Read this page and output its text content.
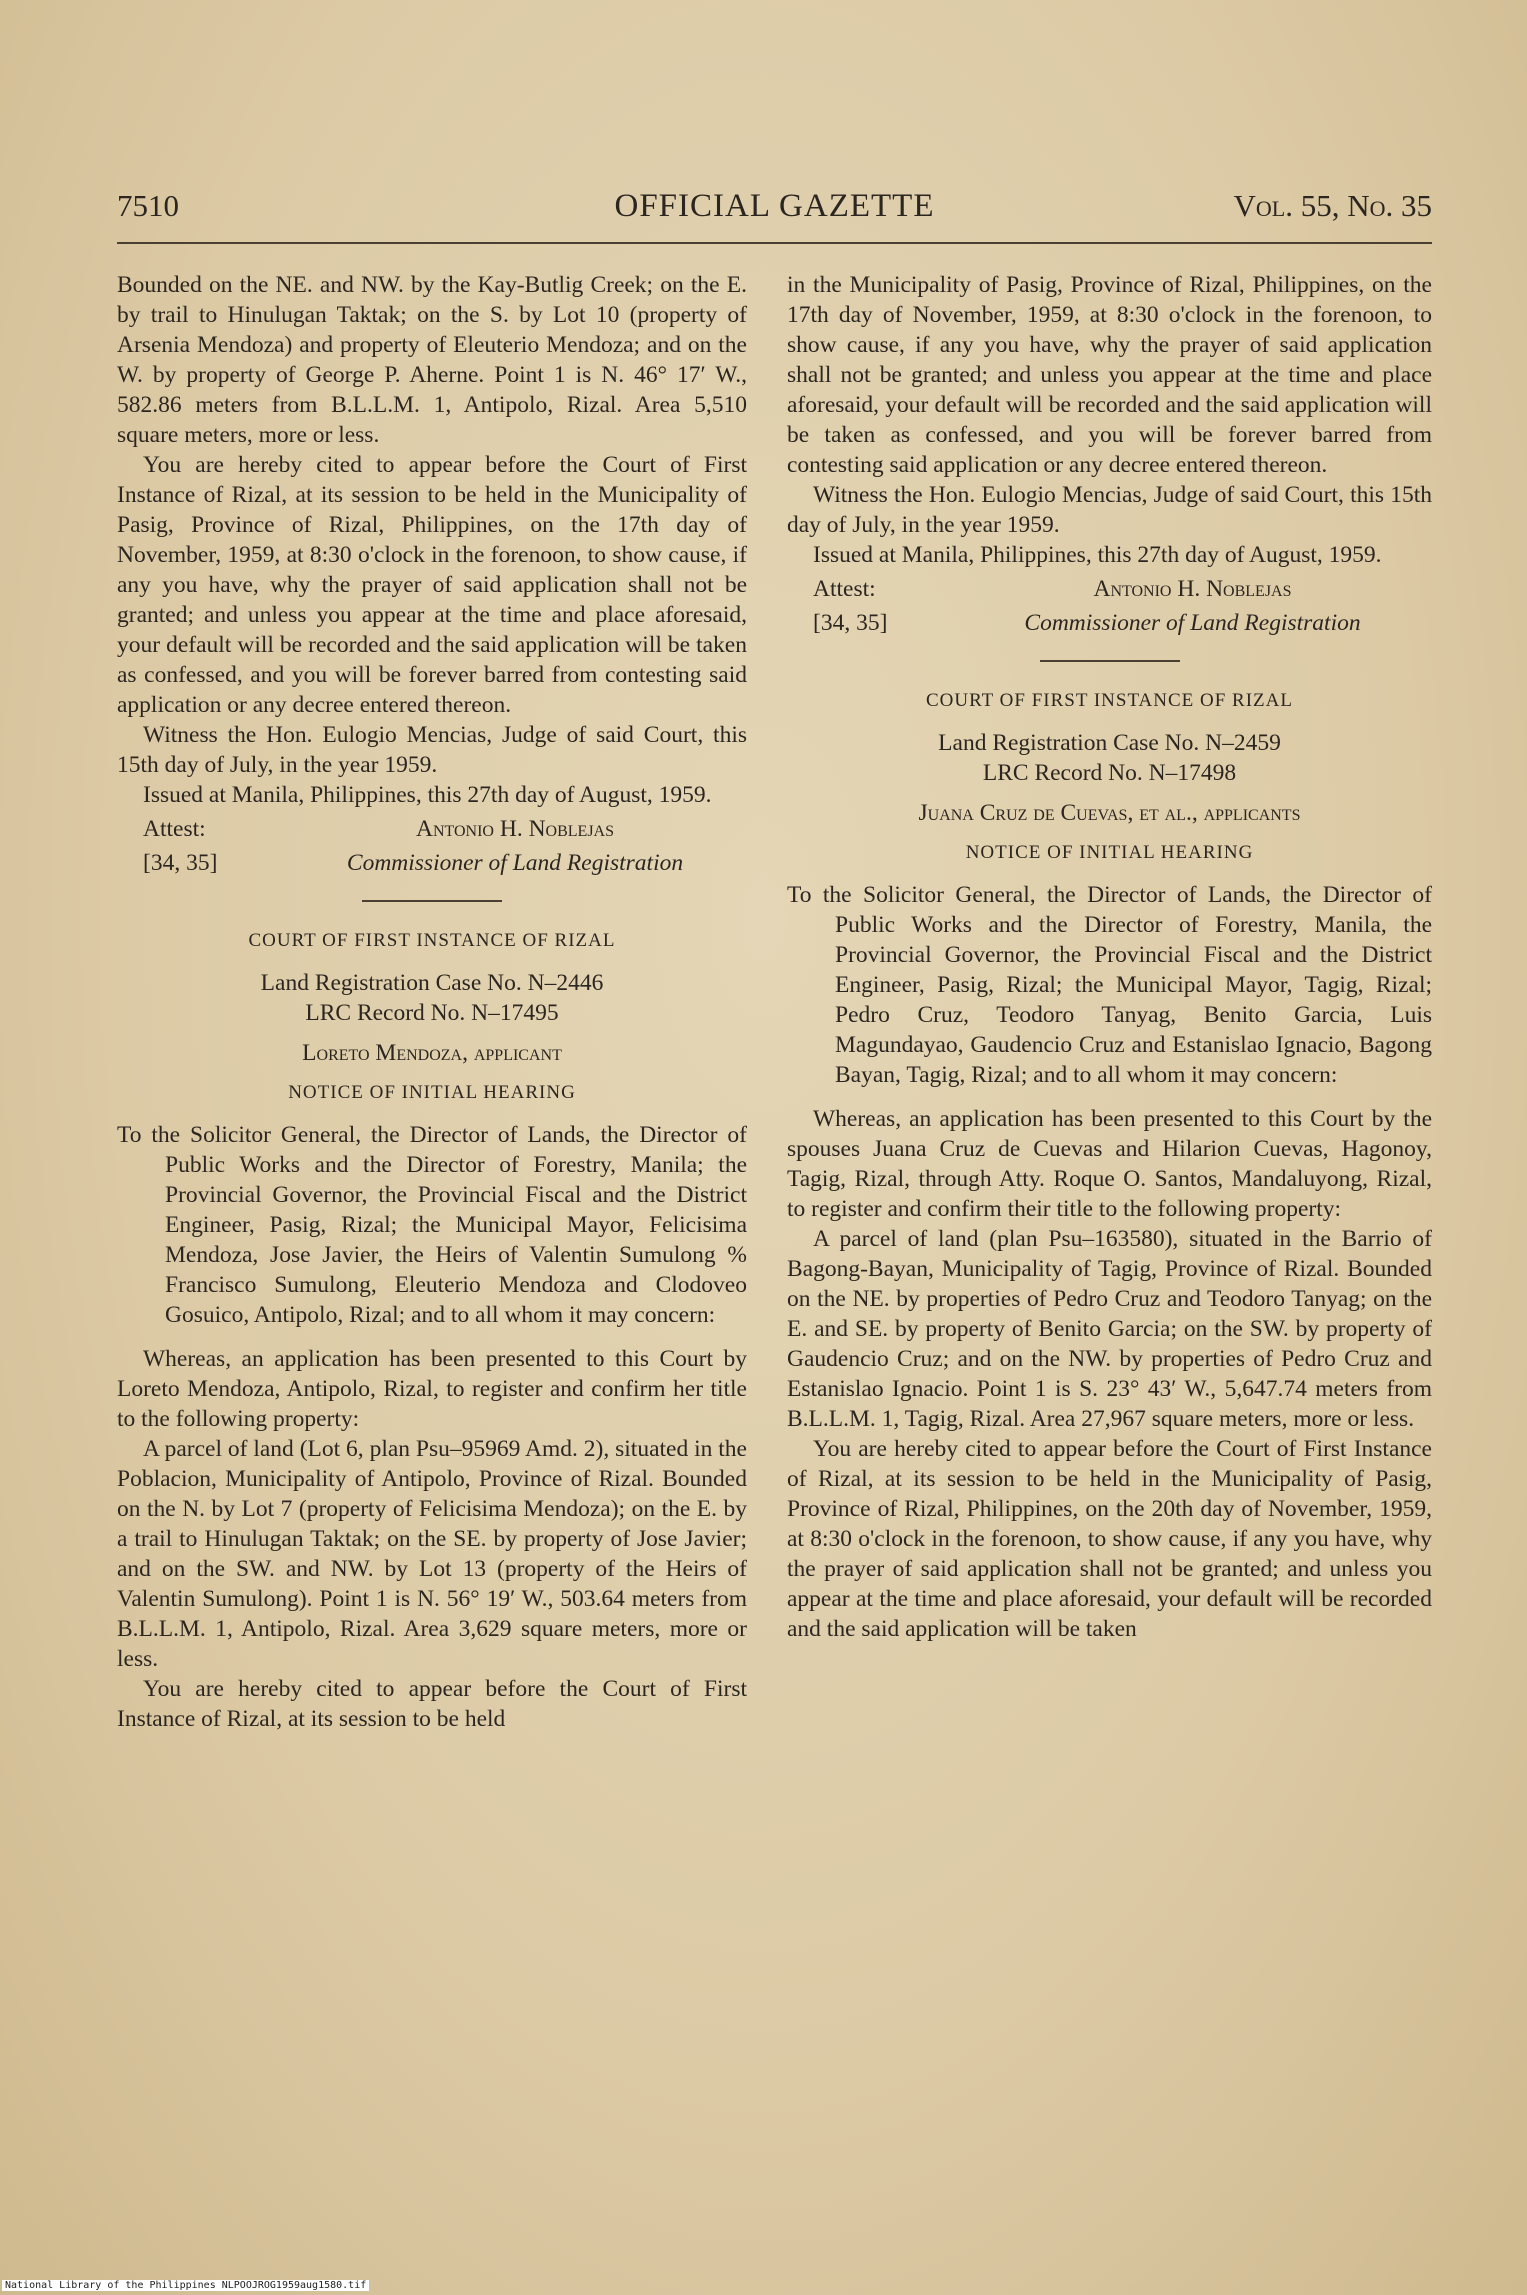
7510	OFFICIAL GAZETTE	Vol. 55, No. 35

Bounded on the NE. and NW. by the Kay-Butlig Creek; on the E. by trail to Hinulugan Taktak; on the S. by Lot 10 (property of Arsenia Mendoza) and property of Eleuterio Mendoza; and on the W. by property of George P. Aherne. Point 1 is N. 46° 17′ W., 582.86 meters from B.L.L.M. 1, Antipolo, Rizal. Area 5,510 square meters, more or less.

You are hereby cited to appear before the Court of First Instance of Rizal, at its session to be held in the Municipality of Pasig, Province of Rizal, Philippines, on the 17th day of November, 1959, at 8:30 o'clock in the forenoon, to show cause, if any you have, why the prayer of said application shall not be granted; and unless you appear at the time and place aforesaid, your default will be recorded and the said application will be taken as confessed, and you will be forever barred from contesting said application or any decree entered thereon.

Witness the Hon. Eulogio Mencias, Judge of said Court, this 15th day of July, in the year 1959.

Issued at Manila, Philippines, this 27th day of August, 1959.

Attest:	Antonio H. Noblejas
[34, 35]	Commissioner of Land Registration
COURT OF FIRST INSTANCE OF RIZAL

Land Registration Case No. N–2446

LRC Record No. N–17495

Loreto Mendoza, applicant

NOTICE OF INITIAL HEARING

To the Solicitor General, the Director of Lands, the Director of Public Works and the Director of Forestry, Manila; the Provincial Governor, the Provincial Fiscal and the District Engineer, Pasig, Rizal; the Municipal Mayor, Felicisima Mendoza, Jose Javier, the Heirs of Valentin Sumulong % Francisco Sumulong, Eleuterio Mendoza and Clodoveo Gosuico, Antipolo, Rizal; and to all whom it may concern:

Whereas, an application has been presented to this Court by Loreto Mendoza, Antipolo, Rizal, to register and confirm her title to the following property:

A parcel of land (Lot 6, plan Psu–95969 Amd. 2), situated in the Poblacion, Municipality of Antipolo, Province of Rizal. Bounded on the N. by Lot 7 (property of Felicisima Mendoza); on the E. by a trail to Hinulugan Taktak; on the SE. by property of Jose Javier; and on the SW. and NW. by Lot 13 (property of the Heirs of Valentin Sumulong). Point 1 is N. 56° 19′ W., 503.64 meters from B.L.L.M. 1, Antipolo, Rizal. Area 3,629 square meters, more or less.

You are hereby cited to appear before the Court of First Instance of Rizal, at its session to be held

in the Municipality of Pasig, Province of Rizal, Philippines, on the 17th day of November, 1959, at 8:30 o'clock in the forenoon, to show cause, if any you have, why the prayer of said application shall not be granted; and unless you appear at the time and place aforesaid, your default will be recorded and the said application will be taken as confessed, and you will be forever barred from contesting said application or any decree entered thereon.

Witness the Hon. Eulogio Mencias, Judge of said Court, this 15th day of July, in the year 1959.

Issued at Manila, Philippines, this 27th day of August, 1959.

Attest:	Antonio H. Noblejas
[34, 35]	Commissioner of Land Registration
COURT OF FIRST INSTANCE OF RIZAL

Land Registration Case No. N–2459

LRC Record No. N–17498

Juana Cruz de Cuevas, et al., applicants

NOTICE OF INITIAL HEARING

To the Solicitor General, the Director of Lands, the Director of Public Works and the Director of Forestry, Manila, the Provincial Governor, the Provincial Fiscal and the District Engineer, Pasig, Rizal; the Municipal Mayor, Tagig, Rizal; Pedro Cruz, Teodoro Tanyag, Benito Garcia, Luis Magundayao, Gaudencio Cruz and Estanislao Ignacio, Bagong Bayan, Tagig, Rizal; and to all whom it may concern:

Whereas, an application has been presented to this Court by the spouses Juana Cruz de Cuevas and Hilarion Cuevas, Hagonoy, Tagig, Rizal, through Atty. Roque O. Santos, Mandaluyong, Rizal, to register and confirm their title to the following property:

A parcel of land (plan Psu–163580), situated in the Barrio of Bagong-Bayan, Municipality of Tagig, Province of Rizal. Bounded on the NE. by properties of Pedro Cruz and Teodoro Tanyag; on the E. and SE. by property of Benito Garcia; on the SW. by property of Gaudencio Cruz; and on the NW. by properties of Pedro Cruz and Estanislao Ignacio. Point 1 is S. 23° 43′ W., 5,647.74 meters from B.L.L.M. 1, Tagig, Rizal. Area 27,967 square meters, more or less.

You are hereby cited to appear before the Court of First Instance of Rizal, at its session to be held in the Municipality of Pasig, Province of Rizal, Philippines, on the 20th day of November, 1959, at 8:30 o'clock in the forenoon, to show cause, if any you have, why the prayer of said application shall not be granted; and unless you appear at the time and place aforesaid, your default will be recorded and the said application will be taken

National Library of the Philippines NLPOOJROG1959aug1580.tif
